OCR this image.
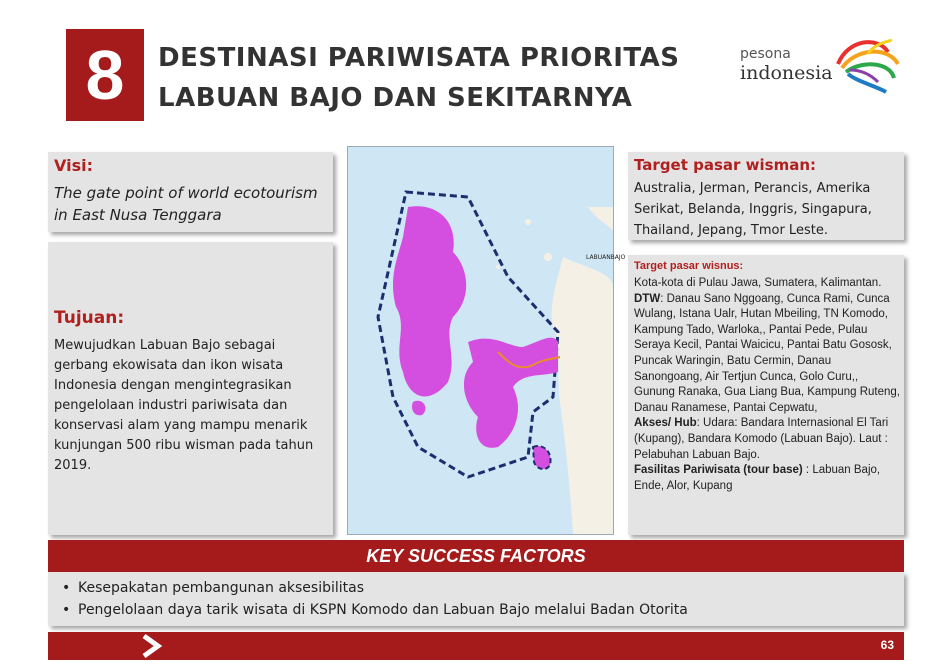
8	DESTINASI PARIWISATA PRIORITAS
LABUAN BAJO DAN SEKITARNYA
pesona
indonesia
Visi:
The gate point of world ecotourism in East Nusa Tenggara
Tujuan:
Mewujudkan Labuan Bajo sebagai gerbang ekowisata dan ikon wisata Indonesia dengan mengintegrasikan pengelolaan industri pariwisata dan konservasi alam yang mampu menarik kunjungan 500 ribu wisman pada tahun 2019.
LABUANBAJO
Target pasar wisman:
Australia, Jerman, Perancis, Amerika Serikat, Belanda, Inggris, Singapura, Thailand, Jepang, Tmor Leste.
Target pasar wisnus:
Kota-kota di Pulau Jawa, Sumatera, Kalimantan.
DTW: Danau Sano Nggoang, Cunca Rami, Cunca Wulang, Istana Ualr, Hutan Mbeiling, TN Komodo, Kampung Tado, Warloka,, Pantai Pede, Pulau Seraya Kecil, Pantai Waicicu, Pantai Batu Gososk, Puncak Waringin, Batu Cermin, Danau Sanongoang, Air Tertjun Cunca, Golo Curu,, Gunung Ranaka, Gua Liang Bua, Kampung Ruteng, Danau Ranamese, Pantai Cepwatu,
Akses/ Hub: Udara: Bandara Internasional El Tari (Kupang), Bandara Komodo (Labuan Bajo). Laut : Pelabuhan Labuan Bajo.
Fasilitas Pariwisata (tour base) : Labuan Bajo, Ende, Alor, Kupang
KEY SUCCESS FACTORS
• Kesepakatan pembangunan aksesibilitas
• Pengelolaan daya tarik wisata di KSPN Komodo dan Labuan Bajo melalui Badan Otorita
63
